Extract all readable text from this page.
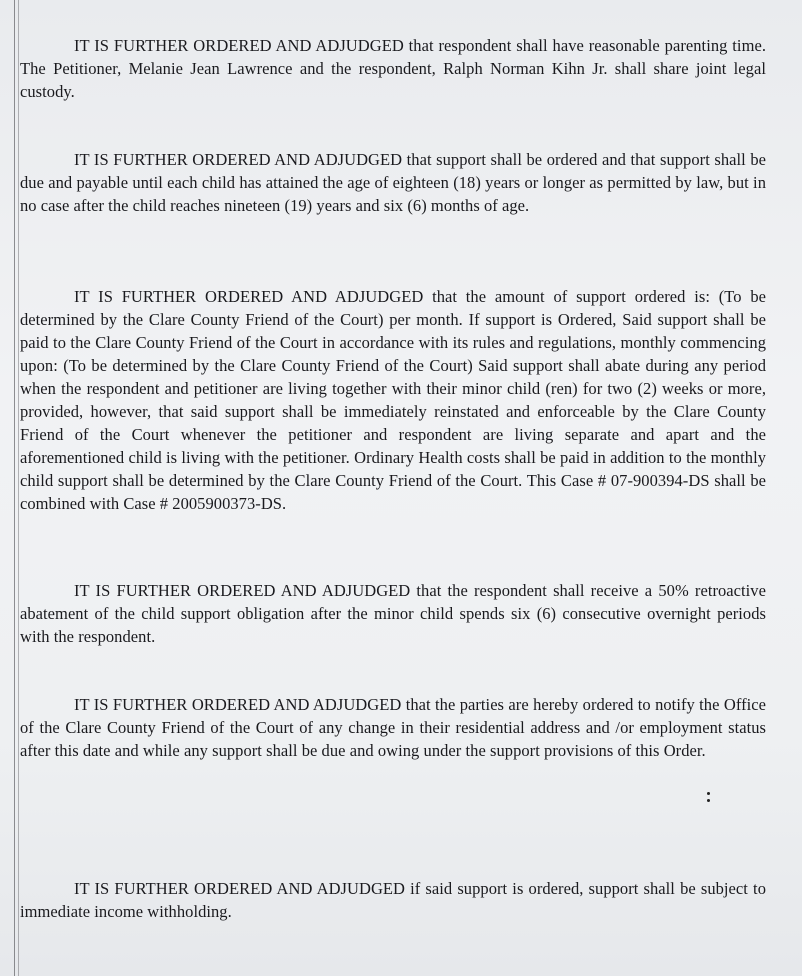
IT IS FURTHER ORDERED AND ADJUDGED that respondent shall have reasonable parenting time. The Petitioner, Melanie Jean Lawrence and the respondent, Ralph Norman Kihn Jr. shall share joint legal custody.

IT IS FURTHER ORDERED AND ADJUDGED that support shall be ordered and that support shall be due and payable until each child has attained the age of eighteen (18) years or longer as permitted by law, but in no case after the child reaches nineteen (19) years and six (6) months of age.

IT IS FURTHER ORDERED AND ADJUDGED that the amount of support ordered is: (To be determined by the Clare County Friend of the Court) per month. If support is Ordered, Said support shall be paid to the Clare County Friend of the Court in accordance with its rules and regulations, monthly commencing upon: (To be determined by the Clare County Friend of the Court) Said support shall abate during any period when the respondent and petitioner are living together with their minor child (ren) for two (2) weeks or more, provided, however, that said support shall be immediately reinstated and enforceable by the Clare County Friend of the Court whenever the petitioner and respondent are living separate and apart and the aforementioned child is living with the petitioner. Ordinary Health costs shall be paid in addition to the monthly child support shall be determined by the Clare County Friend of the Court. This Case # 07-900394-DS shall be combined with Case # 2005900373-DS.

IT IS FURTHER ORDERED AND ADJUDGED that the respondent shall receive a 50% retroactive abatement of the child support obligation after the minor child spends six (6) consecutive overnight periods with the respondent.

IT IS FURTHER ORDERED AND ADJUDGED that the parties are hereby ordered to notify the Office of the Clare County Friend of the Court of any change in their residential address and /or employment status after this date and while any support shall be due and owing under the support provisions of this Order.

IT IS FURTHER ORDERED AND ADJUDGED if said support is ordered, support shall be subject to immediate income withholding.
